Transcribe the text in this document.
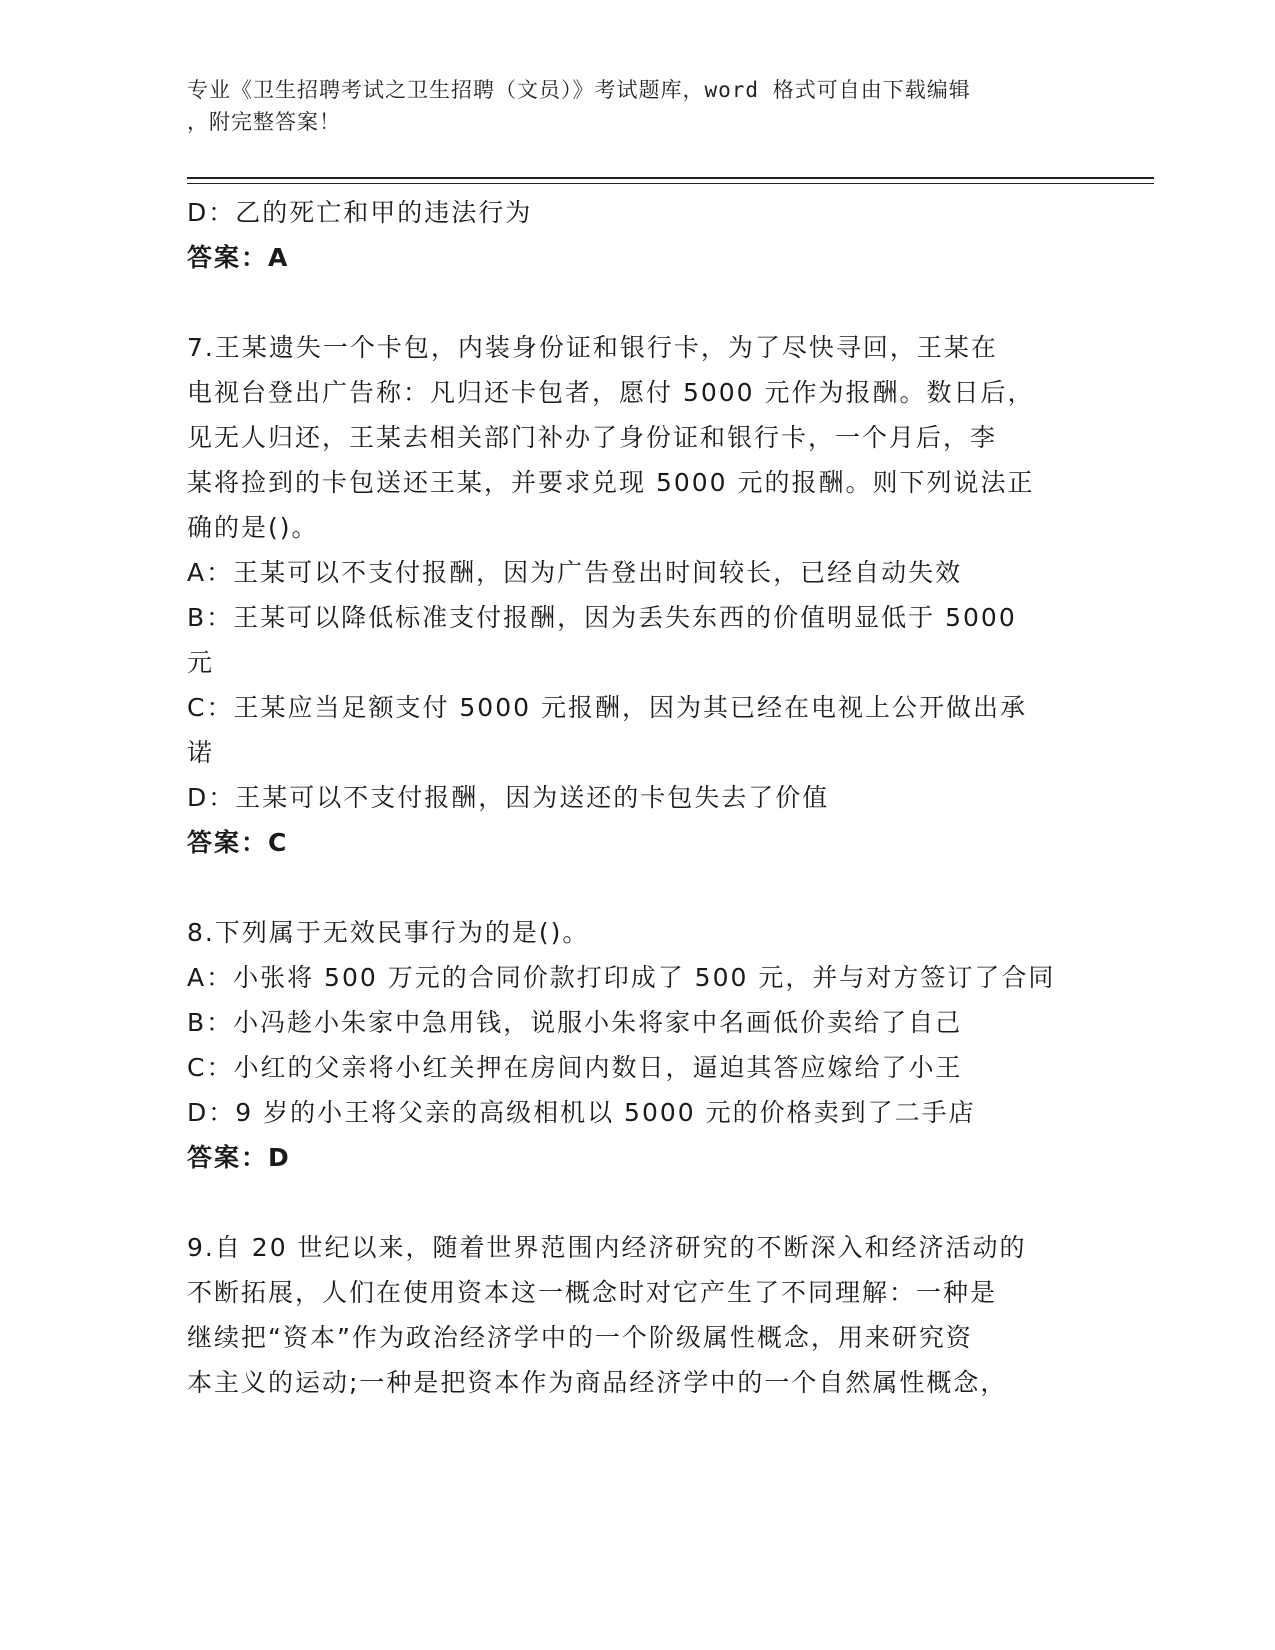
专业《卫生招聘考试之卫生招聘（文员）》考试题库，word 格式可自由下载编辑

，附完整答案！

D：乙的死亡和甲的违法行为

答案：A

7.王某遗失一个卡包，内装身份证和银行卡，为了尽快寻回，王某在

电视台登出广告称：凡归还卡包者，愿付 5000 元作为报酬。数日后，

见无人归还，王某去相关部门补办了身份证和银行卡，一个月后，李

某将捡到的卡包送还王某，并要求兑现 5000 元的报酬。则下列说法正

确的是()。

A：王某可以不支付报酬，因为广告登出时间较长，已经自动失效

B：王某可以降低标准支付报酬，因为丢失东西的价值明显低于 5000

元

C：王某应当足额支付 5000 元报酬，因为其已经在电视上公开做出承

诺

D：王某可以不支付报酬，因为送还的卡包失去了价值

答案：C

8.下列属于无效民事行为的是()。

A：小张将 500 万元的合同价款打印成了 500 元，并与对方签订了合同

B：小冯趁小朱家中急用钱，说服小朱将家中名画低价卖给了自己

C：小红的父亲将小红关押在房间内数日，逼迫其答应嫁给了小王

D：9 岁的小王将父亲的高级相机以 5000 元的价格卖到了二手店

答案：D

9.自 20 世纪以来，随着世界范围内经济研究的不断深入和经济活动的

不断拓展，人们在使用资本这一概念时对它产生了不同理解：一种是

继续把“资本”作为政治经济学中的一个阶级属性概念，用来研究资

本主义的运动;一种是把资本作为商品经济学中的一个自然属性概念，
